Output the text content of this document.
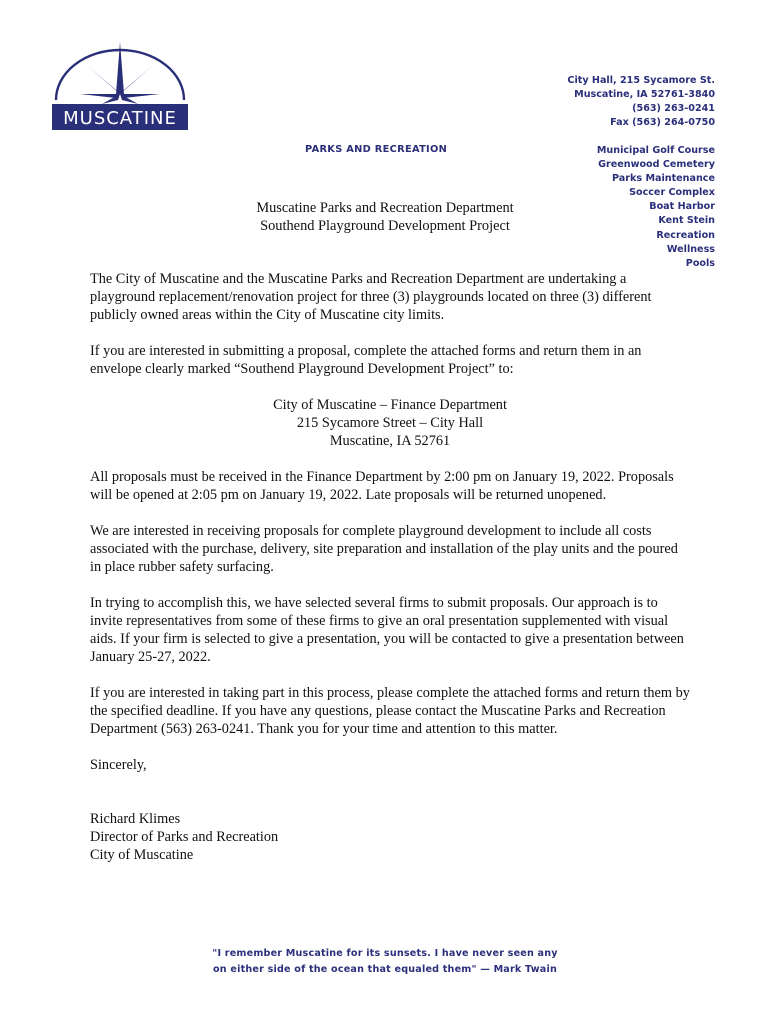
MUSCATINE
City Hall, 215 Sycamore St.
Muscatine, IA 52761-3840
(563) 263-0241
Fax (563) 264-0750
PARKS AND RECREATION	Municipal Golf Course
Greenwood Cemetery
Parks Maintenance
Soccer Complex
Boat Harbor
Kent Stein
Recreation
Wellness
Pools
Muscatine Parks and Recreation Department
Southend Playground Development Project

The City of Muscatine and the Muscatine Parks and Recreation Department are undertaking a playground replacement/renovation project for three (3) playgrounds located on three (3) different publicly owned areas within the City of Muscatine city limits.

If you are interested in submitting a proposal, complete the attached forms and return them in an envelope clearly marked “Southend Playground Development Project” to:

City of Muscatine – Finance Department
215 Sycamore Street – City Hall
Muscatine, IA 52761

All proposals must be received in the Finance Department by 2:00 pm on January 19, 2022. Proposals will be opened at 2:05 pm on January 19, 2022. Late proposals will be returned unopened.

We are interested in receiving proposals for complete playground development to include all costs associated with the purchase, delivery, site preparation and installation of the play units and the poured in place rubber safety surfacing.

In trying to accomplish this, we have selected several firms to submit proposals. Our approach is to invite representatives from some of these firms to give an oral presentation supplemented with visual aids. If your firm is selected to give a presentation, you will be contacted to give a presentation between January 25-27, 2022.

If you are interested in taking part in this process, please complete the attached forms and return them by the specified deadline. If you have any questions, please contact the Muscatine Parks and Recreation Department (563) 263-0241. Thank you for your time and attention to this matter.

Sincerely,

Richard Klimes
Director of Parks and Recreation
City of Muscatine
"I remember Muscatine for its sunsets. I have never seen any
on either side of the ocean that equaled them" — Mark Twain
